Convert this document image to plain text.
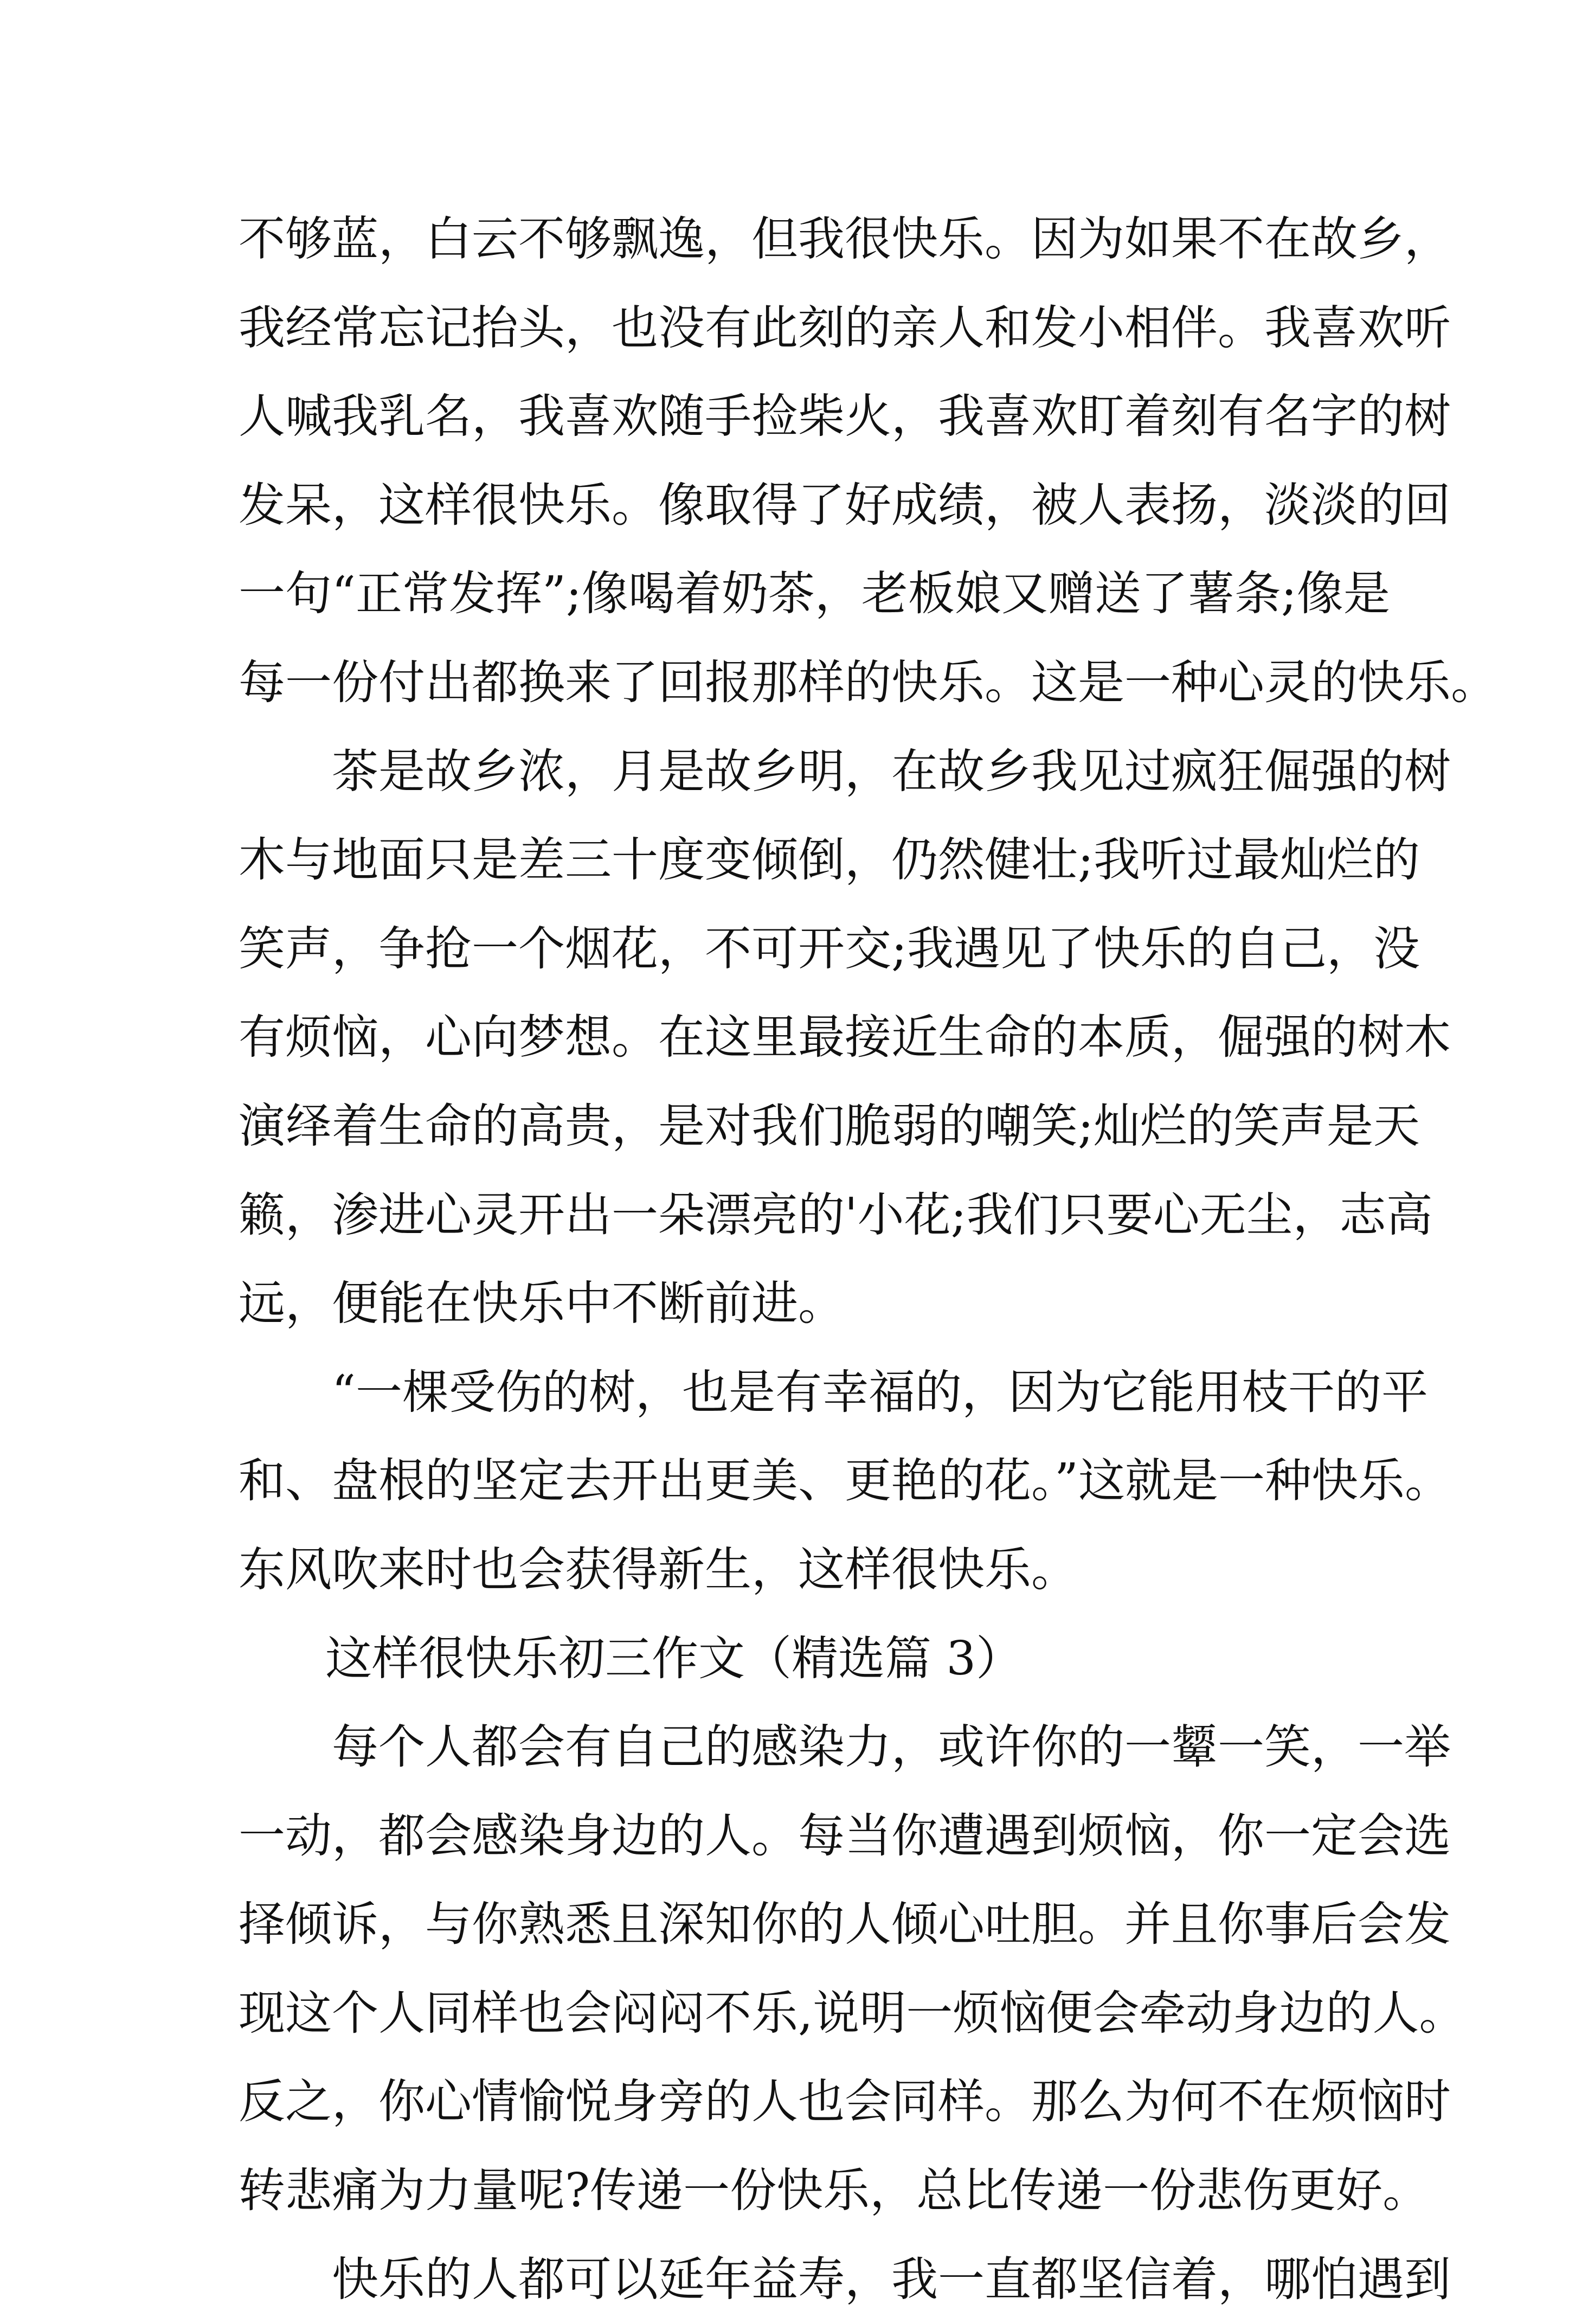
不够蓝，白云不够飘逸，但我很快乐。因为如果不在故乡，
我经常忘记抬头，也没有此刻的亲人和发小相伴。我喜欢听
人喊我乳名，我喜欢随手捡柴火，我喜欢盯着刻有名字的树
发呆，这样很快乐。像取得了好成绩，被人表扬，淡淡的回
一句“正常发挥”;像喝着奶茶，老板娘又赠送了薯条;像是
每一份付出都换来了回报那样的快乐。这是一种心灵的快乐。
茶是故乡浓，月是故乡明，在故乡我见过疯狂倔强的树
木与地面只是差三十度变倾倒，仍然健壮;我听过最灿烂的
笑声，争抢一个烟花，不可开交;我遇见了快乐的自己，没
有烦恼，心向梦想。在这里最接近生命的本质，倔强的树木
演绎着生命的高贵，是对我们脆弱的嘲笑;灿烂的笑声是天
籁，渗进心灵开出一朵漂亮的'小花;我们只要心无尘，志高
远，便能在快乐中不断前进。
“一棵受伤的树，也是有幸福的，因为它能用枝干的平
和、盘根的坚定去开出更美、更艳的花。”这就是一种快乐。
东风吹来时也会获得新生，这样很快乐。
这样很快乐初三作文（精选篇 3）
每个人都会有自己的感染力，或许你的一颦一笑，一举
一动，都会感染身边的人。每当你遭遇到烦恼，你一定会选
择倾诉，与你熟悉且深知你的人倾心吐胆。并且你事后会发
现这个人同样也会闷闷不乐,说明一烦恼便会牵动身边的人。
反之，你心情愉悦身旁的人也会同样。那么为何不在烦恼时
转悲痛为力量呢?传递一份快乐，总比传递一份悲伤更好。
快乐的人都可以延年益寿，我一直都坚信着，哪怕遇到
